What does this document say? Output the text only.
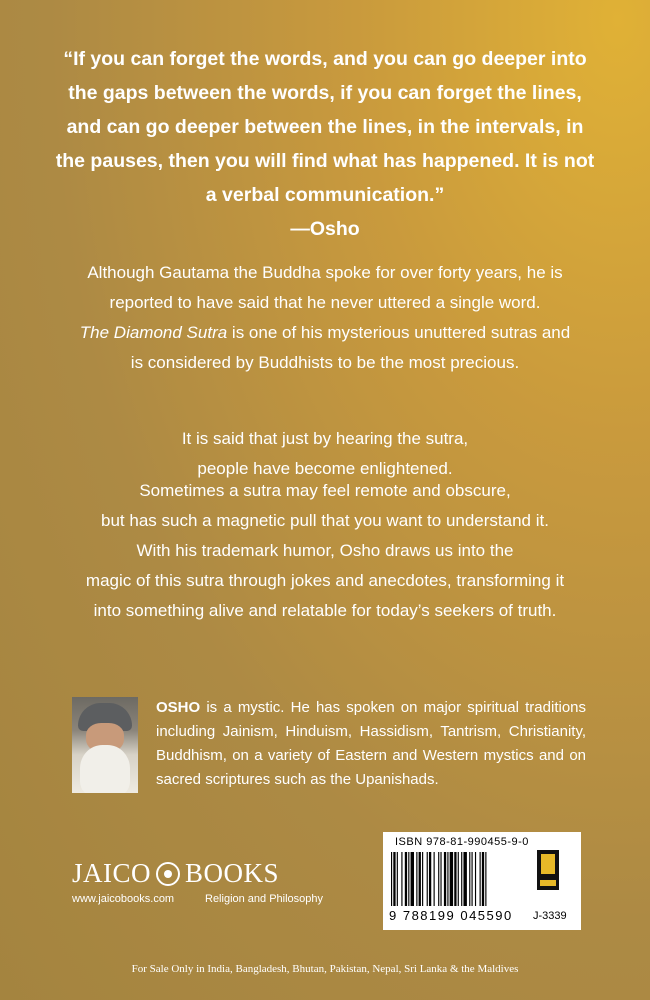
“If you can forget the words, and you can go deeper into
the gaps between the words, if you can forget the lines,
and can go deeper between the lines, in the intervals, in
the pauses, then you will find what has happened. It is not
a verbal communication.”
—Osho
Although Gautama the Buddha spoke for over forty years, he is
reported to have said that he never uttered a single word.
The Diamond Sutra is one of his mysterious unuttered sutras and
is considered by Buddhists to be the most precious.
It is said that just by hearing the sutra,
people have become enlightened.
Sometimes a sutra may feel remote and obscure,
but has such a magnetic pull that you want to understand it.
With his trademark humor, Osho draws us into the
magic of this sutra through jokes and anecdotes, transforming it
into something alive and relatable for today’s seekers of truth.
OSHO is a mystic. He has spoken on major spiritual traditions including Jainism, Hinduism, Hassidism, Tantrism, Christianity, Buddhism, on a variety of Eastern and Western mystics and on sacred scriptures such as the Upanishads.
JAICO BOOKS
www.jaicobooks.com	Religion and Philosophy
ISBN 978-81-990455-9-0
9 788199 045590 J-3339
For Sale Only in India, Bangladesh, Bhutan, Pakistan, Nepal, Sri Lanka & the Maldives
